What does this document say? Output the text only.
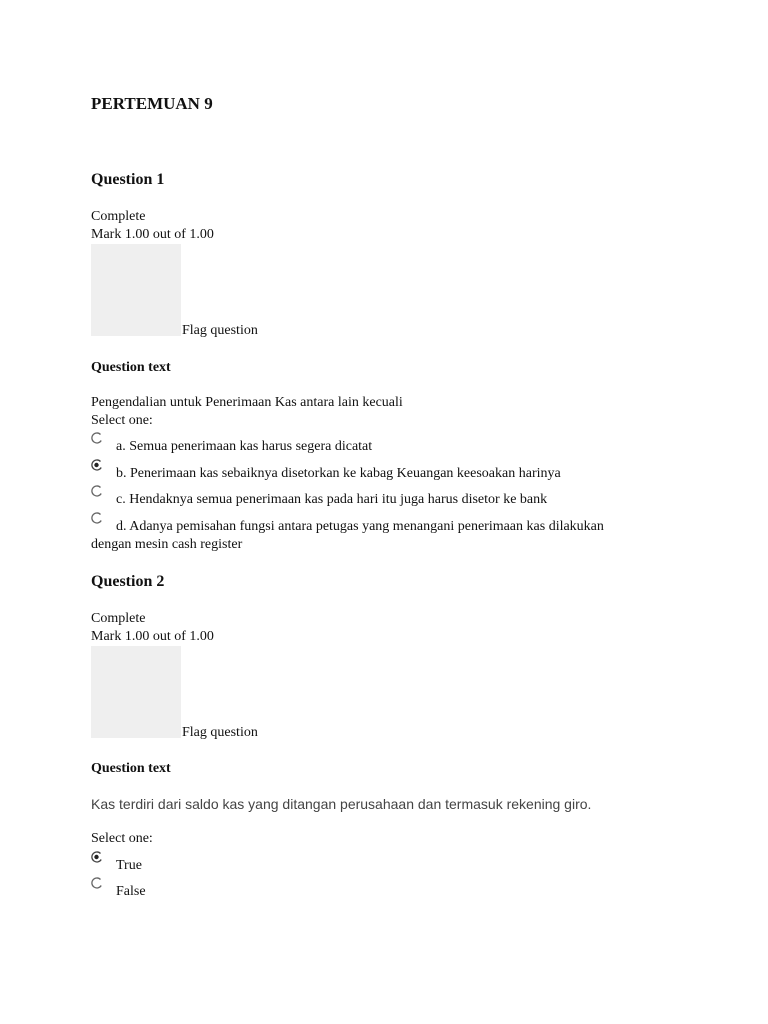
PERTEMUAN 9
Question 1
Complete
Mark 1.00 out of 1.00
Flag question
Question text
Pengendalian untuk Penerimaan Kas antara lain kecuali
Select one:
a. Semua penerimaan kas harus segera dicatat
b. Penerimaan kas sebaiknya disetorkan ke kabag Keuangan keesoakan harinya
c. Hendaknya semua penerimaan kas pada hari itu juga harus disetor ke bank
d. Adanya pemisahan fungsi antara petugas yang menangani penerimaan kas dilakukan
dengan mesin cash register
Question 2
Complete
Mark 1.00 out of 1.00
Flag question
Question text
Kas terdiri dari saldo kas yang ditangan perusahaan dan termasuk rekening giro.
Select one:
True
False
